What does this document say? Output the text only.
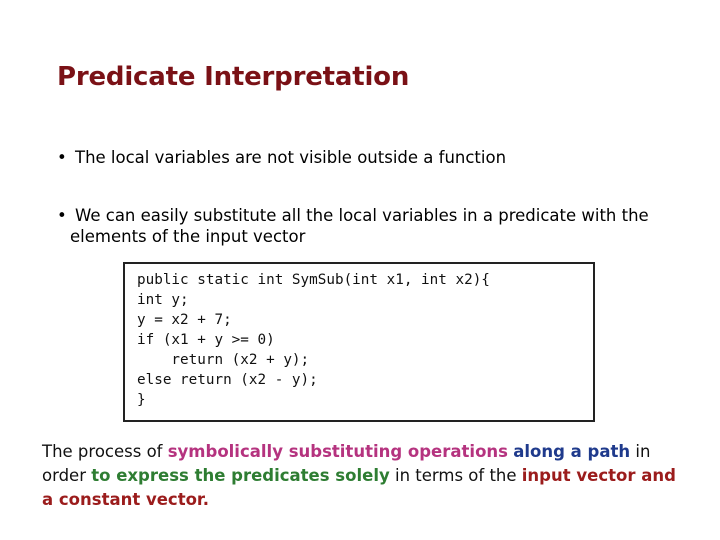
Predicate Interpretation
• The local variables are not visible outside a function
• We can easily substitute all the local variables in a predicate with the
elements of the input vector
public static int SymSub(int x1, int x2){
int y;
y = x2 + 7;
if (x1 + y >= 0)
return (x2 + y);
else return (x2 - y);
}
The process of symbolically substituting operations along a path in order to express the predicates solely in terms of the input vector and a constant vector.
